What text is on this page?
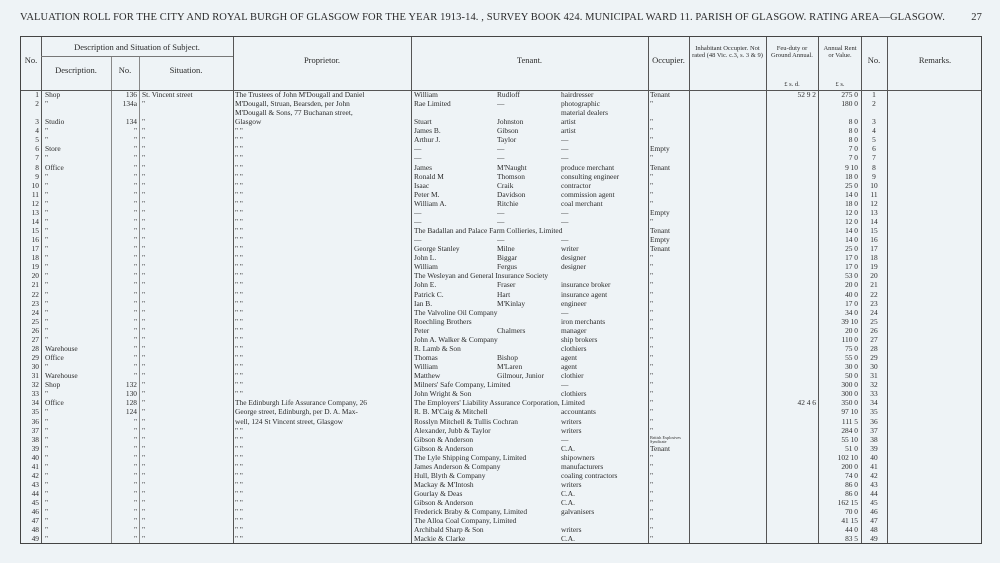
VALUATION ROLL FOR THE CITY AND ROYAL BURGH OF GLASGOW FOR THE YEAR 1913-14. , SURVEY BOOK 424. MUNICIPAL WARD 11. PARISH OF GLASGOW. RATING AREA—GLASGOW.	27
No.
Description and Situation of Subject.
Description.	No.	Situation.
Proprietor.	Tenant.	Occupier.
Inhabitant Occupier. Not rated (48 Vic. c.3, s. 3 & 9)
Feu-duty or Ground Annual.
£ s. d.
Annual Rent or Value.
£ s.
No.	Remarks.
1 Shop	136 St. Vincent street	The Trustees of John M'Dougall and Daniel	William	Rudloff	hairdresser	Tenant	52 9 2	275 0	1
2 "	134a "	M'Dougall, Struan, Bearsden, per John	Rae Limited	—	photographic	"	180 0	2
M'Dougall & Sons, 77 Buchanan street,	material dealers
3 Studio	134 "	Glasgow	Stuart	Johnston	artist	"	8 0	3
4 "	" "	" "	James B.	Gibson	artist	"	8 0	4
5 "	" "	" "	Arthur J.	Taylor	—	"	8 0	5
6 Store	" "	" "	—	—	—	Empty	7 0	6
7 "	" "	" "	—	—	—	"	7 0	7
8 Office	" "	" "	James	M'Naught	produce merchant	Tenant	9 10	8
9 "	" "	" "	Ronald M	Thomson	consulting engineer	"	18 0	9
10 "	" "	" "	Isaac	Craik	contractor	"	25 0	10
11 "	" "	" "	Peter M.	Davidson	commission agent	"	14 0	11
12 "	" "	" "	William A.	Ritchie	coal merchant	"	18 0	12
13 "	" "	" "	—	—	—	Empty	12 0	13
14 "	" "	" "	—	—	—	"	12 0	14
15 "	" "	" "	The Badallan and Palace Farm Collieries, Limited	Tenant	14 0	15
16 "	" "	" "	—	—	—	Empty	14 0	16
17 "	" "	" "	George Stanley	Milne	writer	Tenant	25 0	17
18 "	" "	" "	John L.	Biggar	designer	"	17 0	18
19 "	" "	" "	William	Fergus	designer	"	17 0	19
20 "	" "	" "	The Wesleyan and General Insurance Society	"	53 0	20
21 "	" "	" "	John E.	Fraser	insurance broker	"	20 0	21
22 "	" "	" "	Patrick C.	Hart	insurance agent	"	40 0	22
23 "	" "	" "	Ian B.	M'Kinlay	engineer	"	17 0	23
24 "	" "	" "	The Valvoline Oil Company	—	"	34 0	24
25 "	" "	" "	Roechling Brothers	iron merchants	"	39 10	25
26 "	" "	" "	Peter	Chalmers	manager	"	20 0	26
27 "	" "	" "	John A. Walker & Company	ship brokers	"	110 0	27
28 Warehouse	" "	" "	R. Lamb & Son	clothiers	"	75 0	28
29 Office	" "	" "	Thomas	Bishop	agent	"	55 0	29
30 "	" "	" "	William	M'Laren	agent	"	30 0	30
31 Warehouse	" "	" "	Matthew	Gilmour, Junior	clothier	"	50 0	31
32 Shop	132 "	" "	Milners' Safe Company, Limited	—	"	300 0	32
33 "	130 "	" "	John Wright & Son	clothiers	"	300 0	33
34 Office	128 "	The Edinburgh Life Assurance Company, 26	The Employers' Liability Assurance Corporation, Limited	"	42 4 6	350 0	34
35 "	124 "	George street, Edinburgh, per D. A. Max-	R. B. M'Caig & Mitchell	accountants	"	97 10	35
36 "	" "	well, 124 St Vincent street, Glasgow	Rosslyn Mitchell & Tullis Cochran	writers	"	111 5	36
37 "	" "	" "	Alexander, Jubb & Taylor	writers	"	284 0	37
38 "	" "	" "	Gibson & Anderson	—	British Explosives Syndicate	55 10	38
39 "	" "	" "	Gibson & Anderson	C.A.	Tenant	51 0	39
40 "	" "	" "	The Lyle Shipping Company, Limited	shipowners	"	102 10	40
41 "	" "	" "	James Anderson & Company	manufacturers	"	200 0	41
42 "	" "	" "	Hull, Blyth & Company	coaling contractors	"	74 0	42
43 "	" "	" "	Mackay & M'Intosh	writers	"	86 0	43
44 "	" "	" "	Gourlay & Deas	C.A.	"	86 0	44
45 "	" "	" "	Gibson & Anderson	C.A.	"	162 15	45
46 "	" "	" "	Frederick Braby & Company, Limited	galvanisers	"	70 0	46
47 "	" "	" "	The Alloa Coal Company, Limited	"	41 15	47
48 "	" "	" "	Archibald Sharp & Son	writers	"	44 0	48
49 "	" "	" "	Mackie & Clarke	C.A.	"	83 5	49
